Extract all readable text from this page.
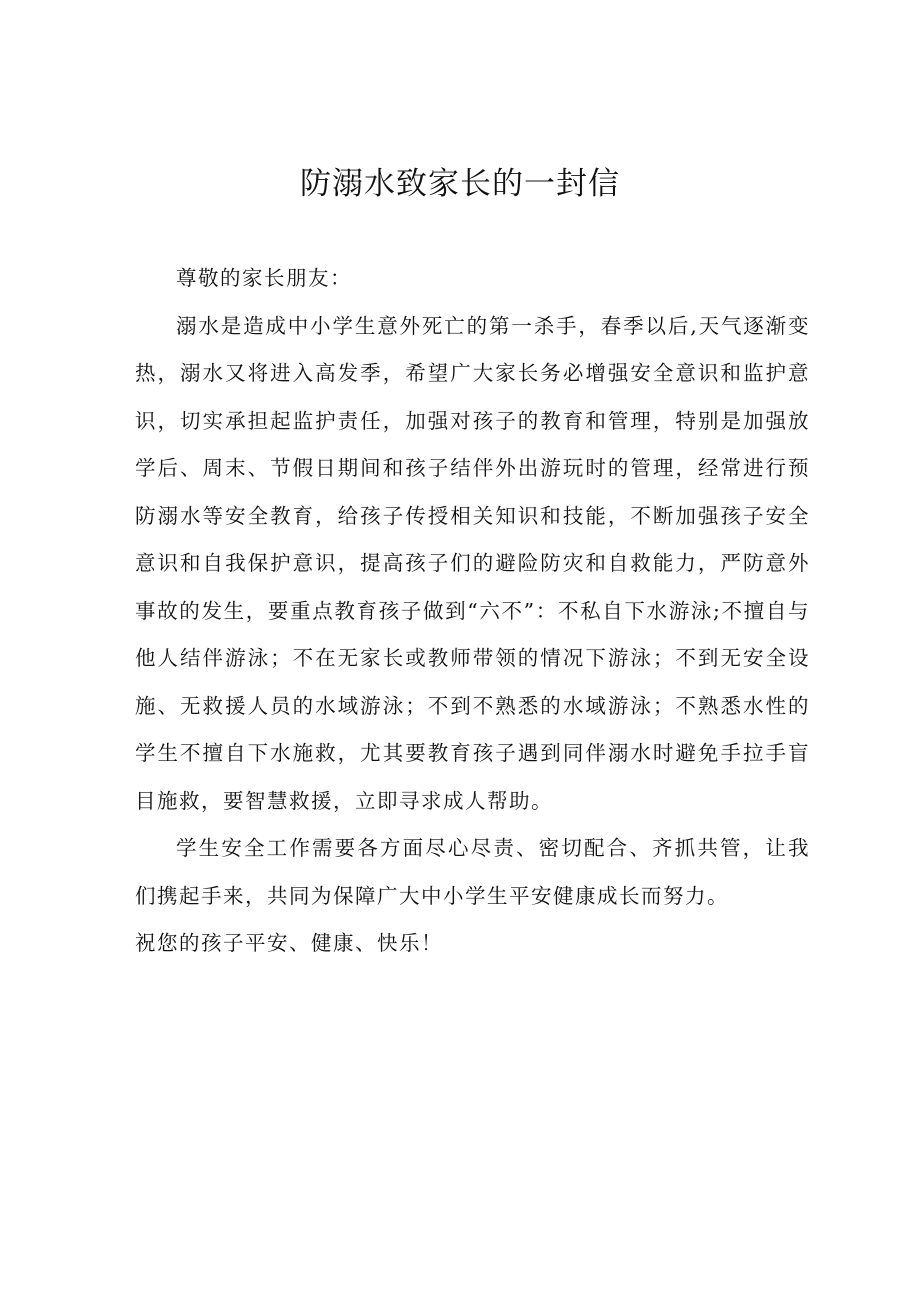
防溺水致家长的一封信

尊敬的家长朋友：

溺水是造成中小学生意外死亡的第一杀手，春季以后,天气逐渐变热，溺水又将进入高发季，希望广大家长务必增强安全意识和监护意识，切实承担起监护责任，加强对孩子的教育和管理，特别是加强放学后、周末、节假日期间和孩子结伴外出游玩时的管理，经常进行预防溺水等安全教育，给孩子传授相关知识和技能，不断加强孩子安全意识和自我保护意识，提高孩子们的避险防灾和自救能力，严防意外事故的发生，要重点教育孩子做到“六不”：不私自下水游泳;不擅自与他人结伴游泳；不在无家长或教师带领的情况下游泳；不到无安全设施、无救援人员的水域游泳；不到不熟悉的水域游泳；不熟悉水性的学生不擅自下水施救，尤其要教育孩子遇到同伴溺水时避免手拉手盲目施救，要智慧救援，立即寻求成人帮助。

学生安全工作需要各方面尽心尽责、密切配合、齐抓共管，让我们携起手来，共同为保障广大中小学生平安健康成长而努力。

祝您的孩子平安、健康、快乐！
